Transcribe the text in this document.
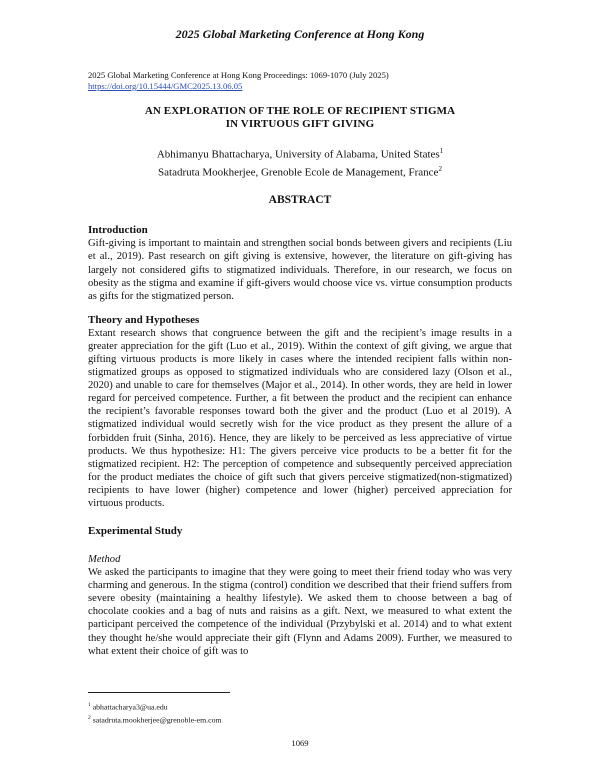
2025 Global Marketing Conference at Hong Kong
2025 Global Marketing Conference at Hong Kong Proceedings: 1069-1070 (July 2025)
https://doi.org/10.15444/GMC2025.13.06.05
AN EXPLORATION OF THE ROLE OF RECIPIENT STIGMA
IN VIRTUOUS GIFT GIVING
Abhimanyu Bhattacharya, University of Alabama, United States$^1$
Satadruta Mookherjee, Grenoble Ecole de Management, France$^2$
ABSTRACT
Introduction

Gift-giving is important to maintain and strengthen social bonds between givers and recipients (Liu et al., 2019). Past research on gift giving is extensive, however, the literature on gift-giving has largely not considered gifts to stigmatized individuals. Therefore, in our research, we focus on obesity as the stigma and examine if gift-givers would choose vice vs. virtue consumption products as gifts for the stigmatized person.

Theory and Hypotheses

Extant research shows that congruence between the gift and the recipient’s image results in a greater appreciation for the gift (Luo et al., 2019). Within the context of gift giving, we argue that gifting virtuous products is more likely in cases where the intended recipient falls within non-stigmatized groups as opposed to stigmatized individuals who are considered lazy (Olson et al., 2020) and unable to care for themselves (Major et al., 2014). In other words, they are held in lower regard for perceived competence. Further, a fit between the product and the recipient can enhance the recipient’s favorable responses toward both the giver and the product (Luo et al 2019). A stigmatized individual would secretly wish for the vice product as they present the allure of a forbidden fruit (Sinha, 2016). Hence, they are likely to be perceived as less appreciative of virtue products. We thus hypothesize: H1: The givers perceive vice products to be a better fit for the stigmatized recipient. H2: The perception of competence and subsequently perceived appreciation for the product mediates the choice of gift such that givers perceive stigmatized(non-stigmatized) recipients to have lower (higher) competence and lower (higher) perceived appreciation for virtuous products.

Experimental Study
Method

We asked the participants to imagine that they were going to meet their friend today who was very charming and generous. In the stigma (control) condition we described that their friend suffers from severe obesity (maintaining a healthy lifestyle). We asked them to choose between a bag of chocolate cookies and a bag of nuts and raisins as a gift. Next, we measured to what extent the participant perceived the competence of the individual (Przybylski et al. 2014) and to what extent they thought he/she would appreciate their gift (Flynn and Adams 2009). Further, we measured to what extent their choice of gift was to

$^1$ abhattacharya3@ua.edu
$^2$ satadruta.mookherjee@grenoble-em.com
1069
